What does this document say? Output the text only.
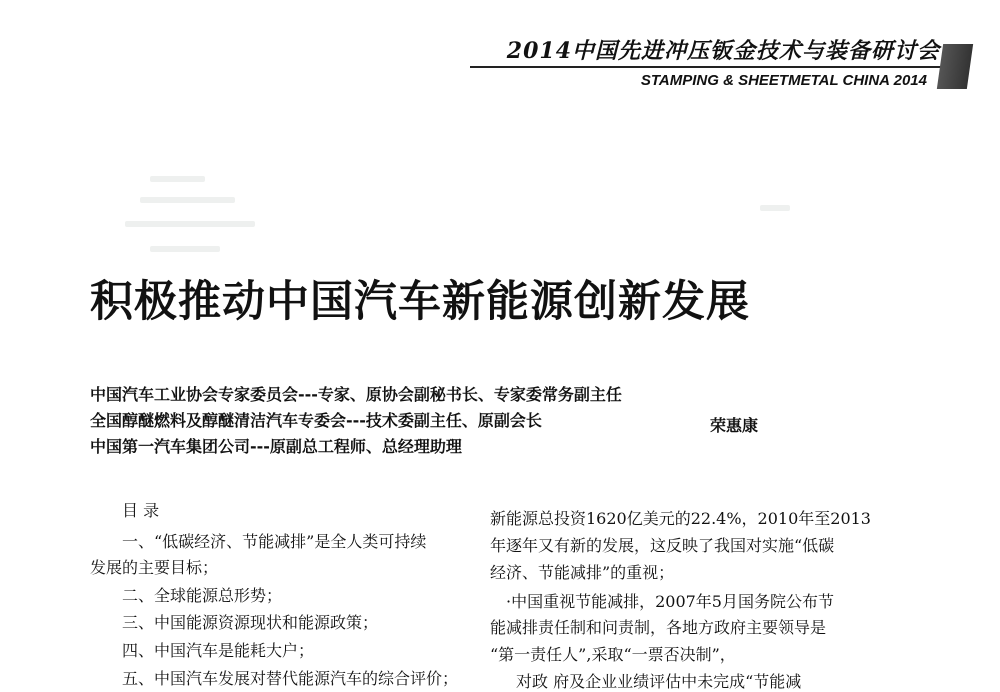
2014中国先进冲压钣金技术与装备研讨会
STAMPING & SHEETMETAL CHINA 2014
积极推动中国汽车新能源创新发展
中国汽车工业协会专家委员会---专家、原协会副秘书长、专家委常务副主任
全国醇醚燃料及醇醚清洁汽车专委会---技术委副主任、原副会长
中国第一汽车集团公司---原副总工程师、总经理助理
荣惠康
目 录
一、“低碳经济、节能减排”是全人类可持续
发展的主要目标；
二、全球能源总形势；
三、中国能源资源现状和能源政策；
四、中国汽车是能耗大户；
五、中国汽车发展对替代能源汽车的综合评价；
新能源总投资1620亿美元的22.4%，2010年至2013
年逐年又有新的发展，这反映了我国对实施“低碳
经济、节能减排”的重视；
·中国重视节能减排，2007年5月国务院公布节
能减排责任制和问责制，各地方政府主要领导是
“第一责任人”,采取“一票否决制”，
对政 府及企业业绩评估中未完成“节能减
